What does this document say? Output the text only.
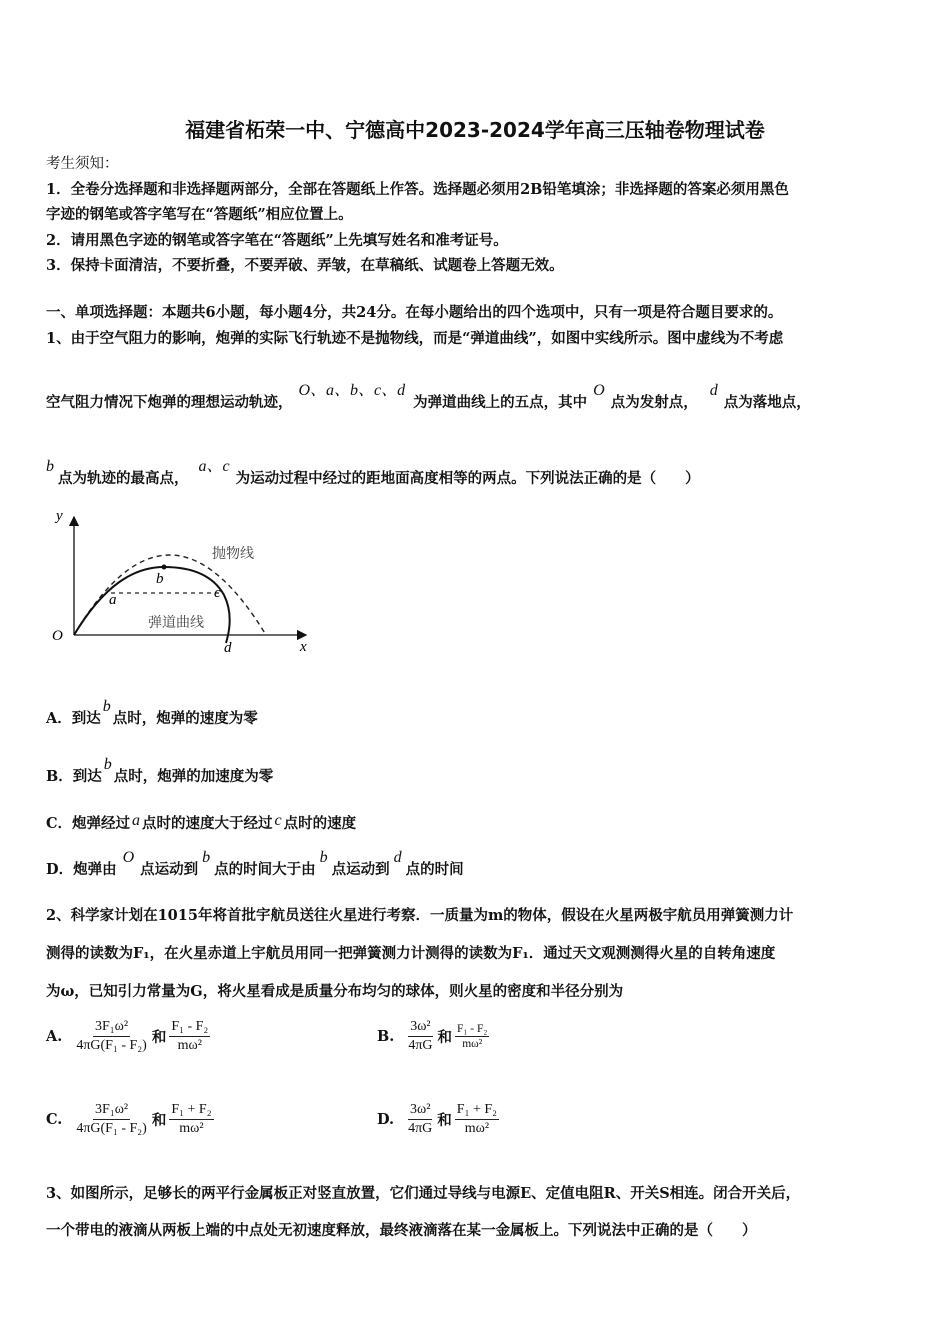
福建省柘荣一中、宁德高中2023-2024学年高三压轴卷物理试卷
考生须知：
1．全卷分选择题和非选择题两部分，全部在答题纸上作答。选择题必须用2B铅笔填涂；非选择题的答案必须用黑色
字迹的钢笔或答字笔写在“答题纸”相应位置上。
2．请用黑色字迹的钢笔或答字笔在“答题纸”上先填写姓名和准考证号。
3．保持卡面清洁，不要折叠，不要弄破、弄皱，在草稿纸、试题卷上答题无效。
一、单项选择题：本题共6小题，每小题4分，共24分。在每小题给出的四个选项中，只有一项是符合题目要求的。
1、由于空气阻力的影响，炮弹的实际飞行轨迹不是抛物线，而是“弹道曲线”，如图中实线所示。图中虚线为不考虑
空气阻力情况下炮弹的理想运动轨迹，O、a、b、c、d为弹道曲线上的五点，其中O点为发射点，d点为落地点，
b点为轨迹的最高点，a、c为运动过程中经过的距地面高度相等的两点。下列说法正确的是（　　）
y
x
O
a
b
c
d
抛物线
弹道曲线
A．到达b点时，炮弹的速度为零
B．到达b点时，炮弹的加速度为零
C．炮弹经过 a 点时的速度大于经过 c 点时的速度
D．炮弹由O点运动到b点的时间大于由b点运动到d点的时间
2、科学家计划在1015年将首批宇航员送往火星进行考察．一质量为m的物体，假设在火星两极宇航员用弹簧测力计
测得的读数为F₁，在火星赤道上宇航员用同一把弹簧测力计测得的读数为F₁．通过天文观测测得火星的自转角速度
为ω，已知引力常量为G，将火星看成是质量分布均匀的球体，则火星的密度和半径分别为
A. $\frac{\text{3F₁ω²}}{\text{4πG(F₁ - F₂)}}$ 和 $\frac{\text{F₁ - F₂}}{\text{mω²}}$	B. $\frac{\text{3ω²}}{4\pi G}$ 和 $\frac{\text{F₁ - F₂}}{\text{mω²}}$
C. $\frac{\text{3F₁ω²}}{\text{4πG(F₁ - F₂)}}$ 和 $\frac{\text{F₁ + F₂}}{\text{mω²}}$	D. $\frac{\text{3ω²}}{4\pi G}$ 和 $\frac{\text{F₁ + F₂}}{\text{mω²}}$
3、如图所示，足够长的两平行金属板正对竖直放置，它们通过导线与电源E、定值电阻R、开关S相连。闭合开关后，
一个带电的液滴从两板上端的中点处无初速度释放，最终液滴落在某一金属板上。下列说法中正确的是（　　）
